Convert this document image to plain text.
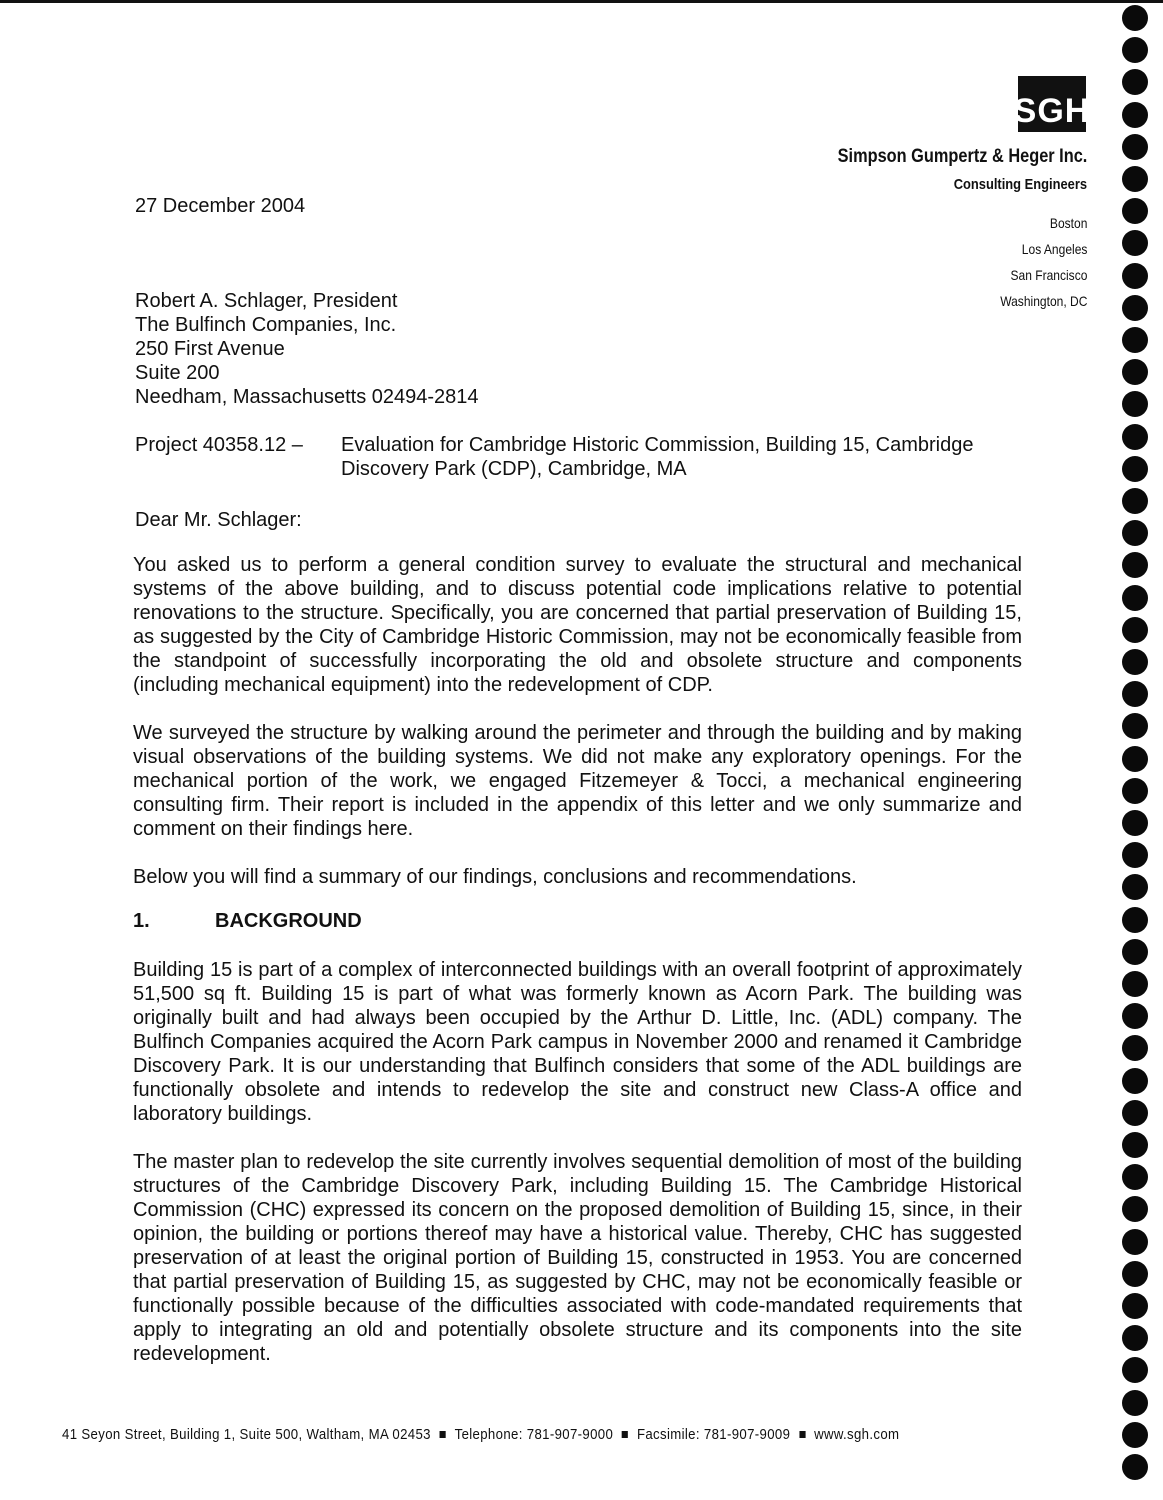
SGH
Simpson Gumpertz & Heger Inc.
Consulting Engineers
Boston
Los Angeles
San Francisco
Washington, DC
27 December 2004
Robert A. Schlager, President
The Bulfinch Companies, Inc.
250 First Avenue
Suite 200
Needham, Massachusetts 02494-2814
Project 40358.12 – Evaluation for Cambridge Historic Commission, Building 15, Cambridge Discovery Park (CDP), Cambridge, MA
Dear Mr. Schlager:
You asked us to perform a general condition survey to evaluate the structural and mechanical systems of the above building, and to discuss potential code implications relative to potential renovations to the structure. Specifically, you are concerned that partial preservation of Building 15, as suggested by the City of Cambridge Historic Commission, may not be economically feasible from the standpoint of successfully incorporating the old and obsolete structure and components (including mechanical equipment) into the redevelopment of CDP.
We surveyed the structure by walking around the perimeter and through the building and by making visual observations of the building systems. We did not make any exploratory openings. For the mechanical portion of the work, we engaged Fitzemeyer & Tocci, a mechanical engineering consulting firm. Their report is included in the appendix of this letter and we only summarize and comment on their findings here.
Below you will find a summary of our findings, conclusions and recommendations.
1.	BACKGROUND
Building 15 is part of a complex of interconnected buildings with an overall footprint of approximately 51,500 sq ft. Building 15 is part of what was formerly known as Acorn Park. The building was originally built and had always been occupied by the Arthur D. Little, Inc. (ADL) company. The Bulfinch Companies acquired the Acorn Park campus in November 2000 and renamed it Cambridge Discovery Park. It is our understanding that Bulfinch considers that some of the ADL buildings are functionally obsolete and intends to redevelop the site and construct new Class-A office and laboratory buildings.
The master plan to redevelop the site currently involves sequential demolition of most of the building structures of the Cambridge Discovery Park, including Building 15. The Cambridge Historical Commission (CHC) expressed its concern on the proposed demolition of Building 15, since, in their opinion, the building or portions thereof may have a historical value. Thereby, CHC has suggested preservation of at least the original portion of Building 15, constructed in 1953. You are concerned that partial preservation of Building 15, as suggested by CHC, may not be economically feasible or functionally possible because of the difficulties associated with code-mandated requirements that apply to integrating an old and potentially obsolete structure and its components into the site redevelopment.
41 Seyon Street, Building 1, Suite 500, Waltham, MA 02453 Telephone: 781-907-9000 Facsimile: 781-907-9009 www.sgh.com
